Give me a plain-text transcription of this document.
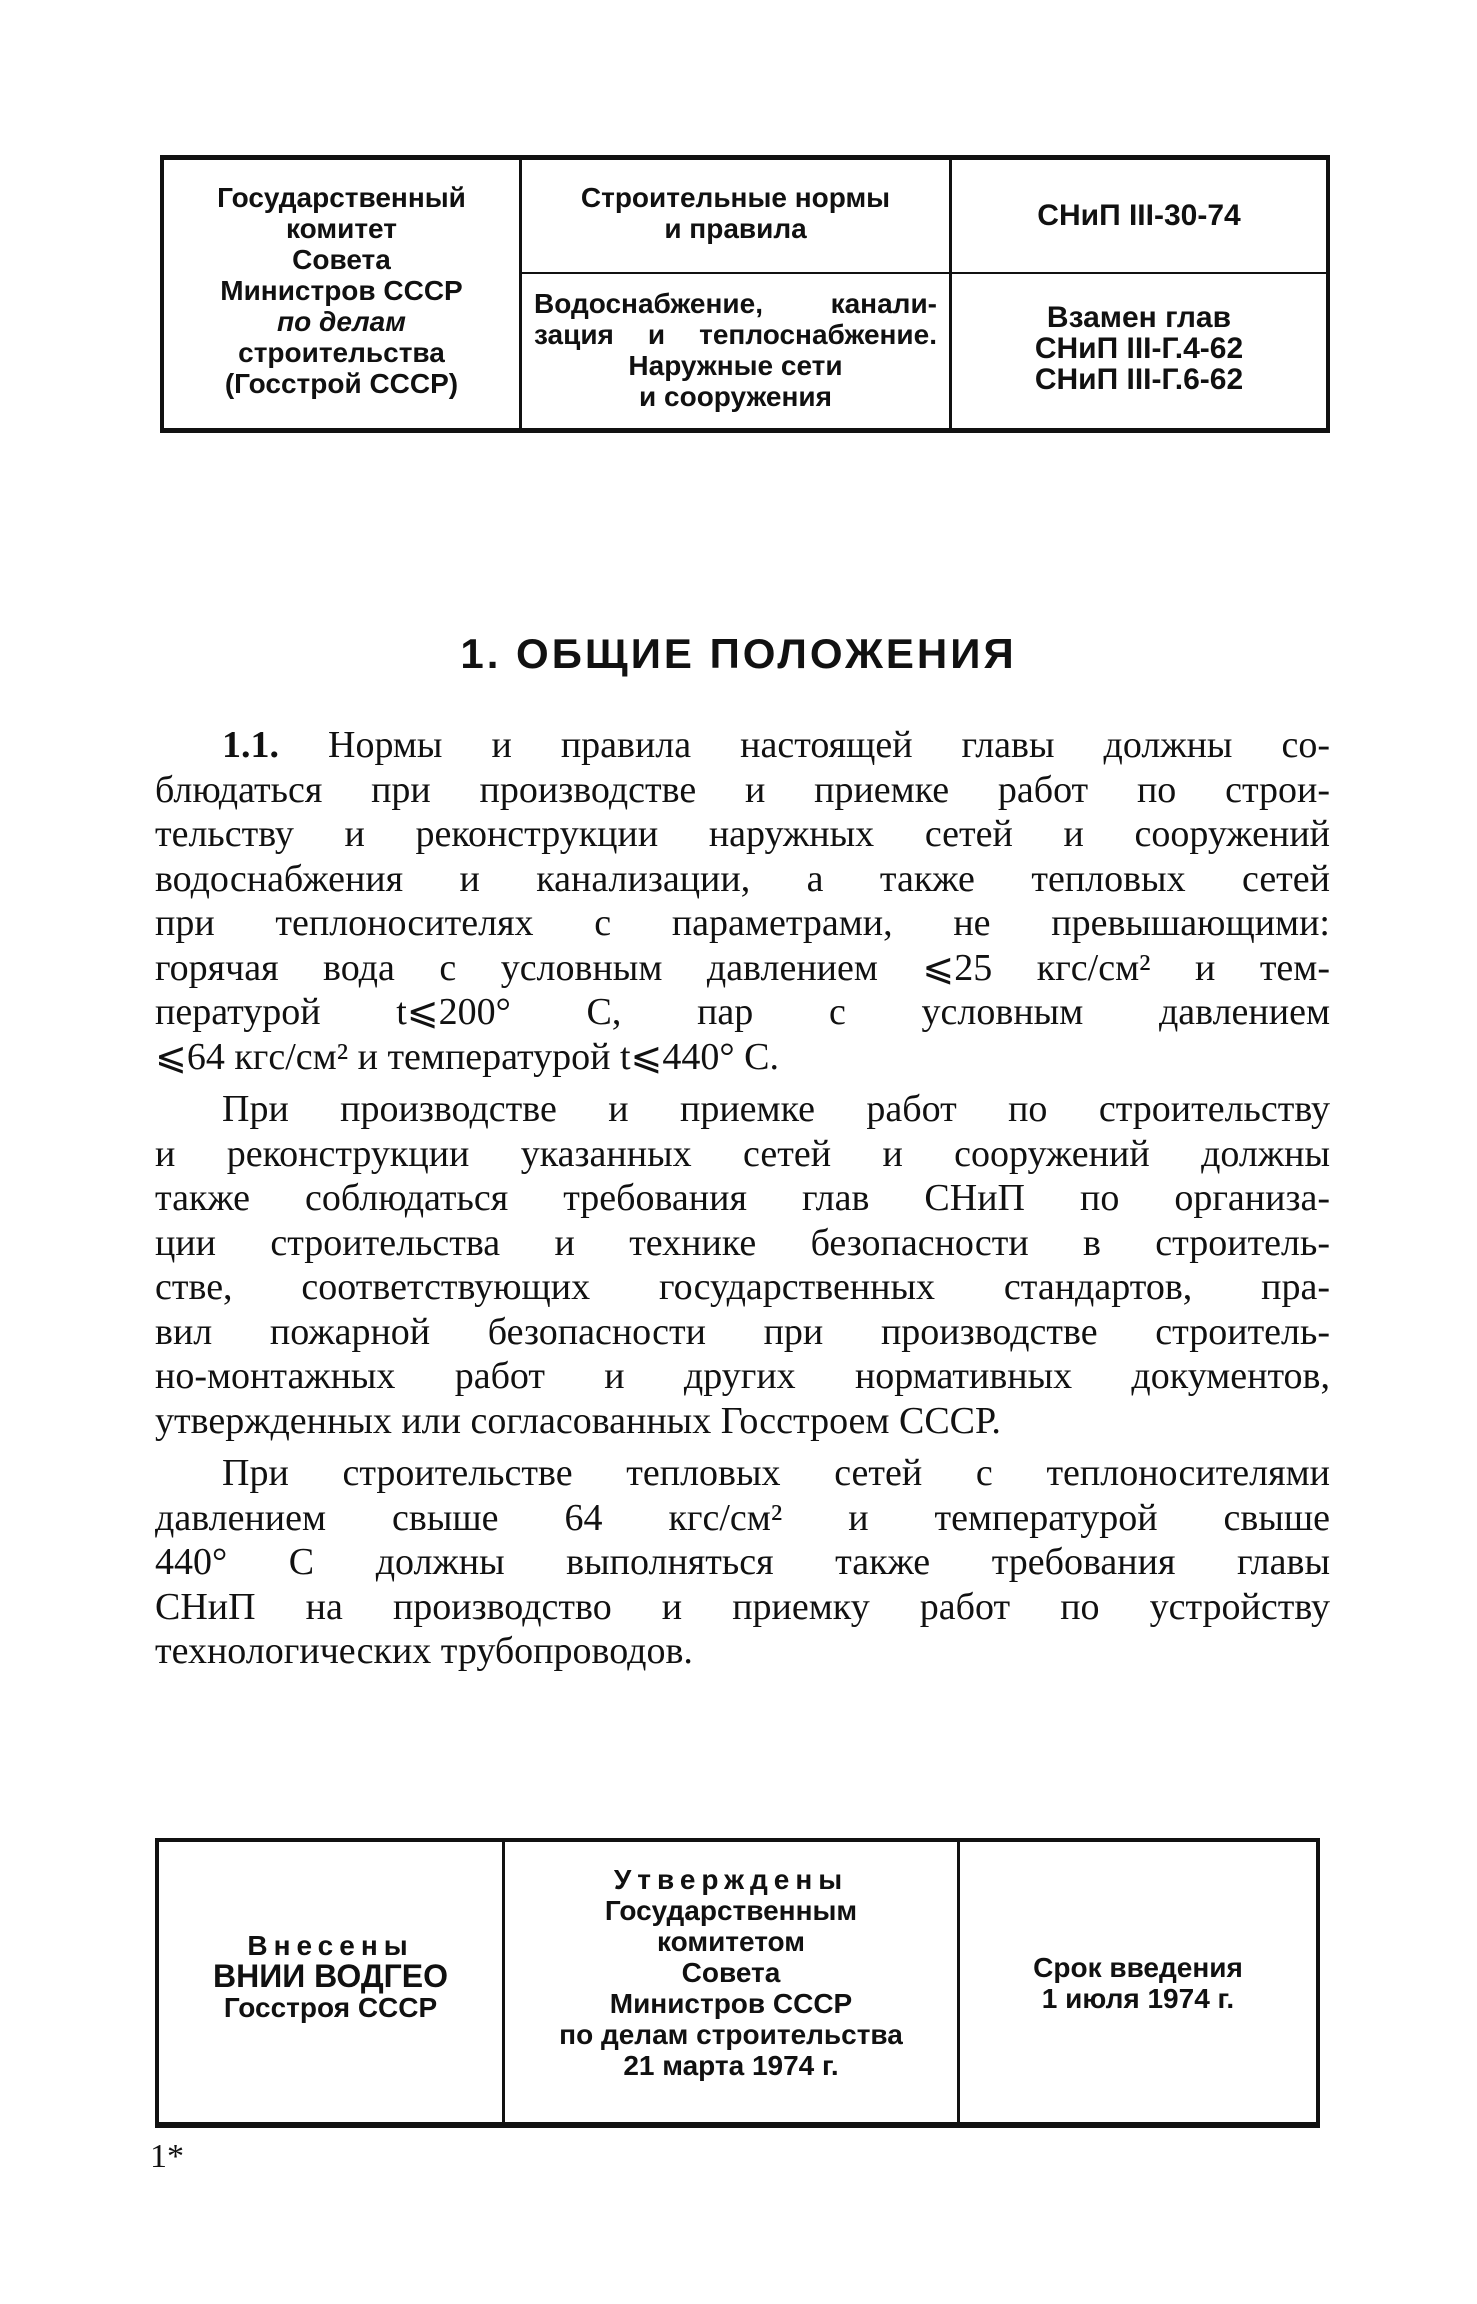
Государственный
комитет
Совета
Министров СССР
по делам
строительства
(Госстрой СССР)
Строительные нормы
и правила
Водоснабжение, канали-
зация и теплоснабжение.
Наружные сети
и сооружения
СНиП III-30-74
Взамен глав
СНиП III-Г.4-62
СНиП III-Г.6-62
1. ОБЩИЕ ПОЛОЖЕНИЯ

1.1. Нормы и правила настоящей главы должны со-
блюдаться при производстве и приемке работ по строи-
тельству и реконструкции наружных сетей и сооружений
водоснабжения и канализации, а также тепловых сетей
при теплоносителях с параметрами, не превышающими:
горячая вода с условным давлением ⩽25 кгс/см² и тем-
пературой t⩽200° С, пар с условным давлением
⩽64 кгс/см² и температурой t⩽440° С.

При производстве и приемке работ по строительству
и реконструкции указанных сетей и сооружений должны
также соблюдаться требования глав СНиП по организа-
ции строительства и технике безопасности в строитель-
стве, соответствующих государственных стандартов, пра-
вил пожарной безопасности при производстве строитель-
но-монтажных работ и других нормативных документов,
утвержденных или согласованных Госстроем СССР.

При строительстве тепловых сетей с теплоносителями
давлением свыше 64 кгс/см² и температурой свыше
440° С должны выполняться также требования главы
СНиП на производство и приемку работ по устройству
технологических трубопроводов.

Внесены
ВНИИ ВОДГЕО
Госстроя СССР
Утверждены
Государственным
комитетом
Совета
Министров СССР
по делам строительства
21 марта 1974 г.
Срок введения
1 июля 1974 г.
1*
